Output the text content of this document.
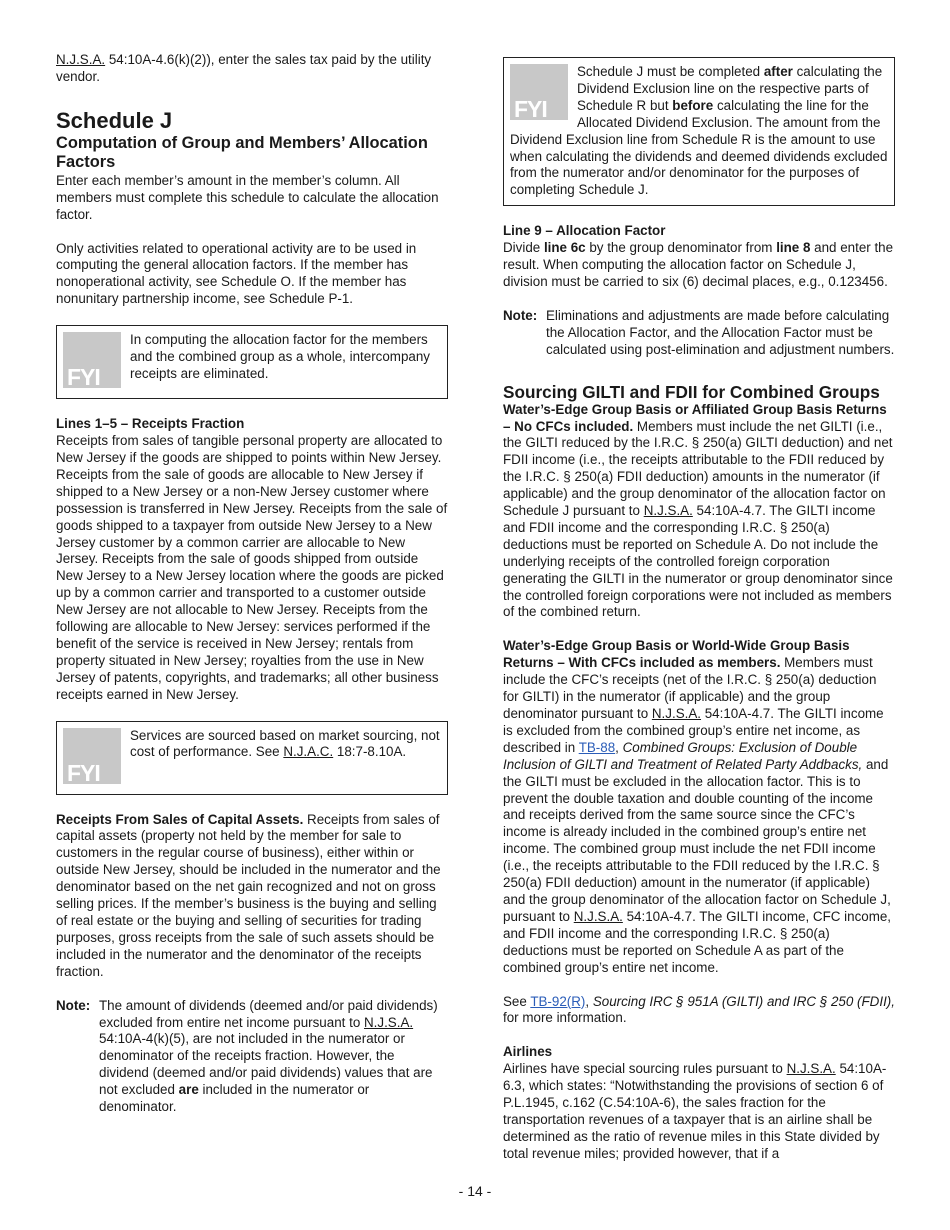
N.J.S.A. 54:10A-4.6(k)(2)), enter the sales tax paid by the utility vendor.

Schedule J
Computation of Group and Members’ Allocation Factors

Enter each member’s amount in the member’s column. All members must complete this schedule to calculate the allocation factor.

Only activities related to operational activity are to be used in computing the general allocation factors. If the member has nonoperational activity, see Schedule O. If the member has nonunitary partnership income, see Schedule P-1.

FYI

In computing the allocation factor for the members and the combined group as a whole, intercompany receipts are eliminated.

Lines 1–5 – Receipts Fraction

Receipts from sales of tangible personal property are allocated to New Jersey if the goods are shipped to points within New Jersey. Receipts from the sale of goods are allocable to New Jersey if shipped to a New Jersey or a non-New Jersey customer where possession is transferred in New Jersey. Receipts from the sale of goods shipped to a taxpayer from outside New Jersey to a New Jersey customer by a common carrier are allocable to New Jersey. Receipts from the sale of goods shipped from outside New Jersey to a New Jersey location where the goods are picked up by a common carrier and transported to a customer outside New Jersey are not allocable to New Jersey. Receipts from the following are allocable to New Jersey: services performed if the benefit of the service is received in New Jersey; rentals from property situated in New Jersey; royalties from the use in New Jersey of patents, copyrights, and trademarks; all other business receipts earned in New Jersey.

FYI

Services are sourced based on market sourcing, not cost of performance. See N.J.A.C. 18:7-8.10A.

Receipts From Sales of Capital Assets. Receipts from sales of capital assets (property not held by the member for sale to customers in the regular course of business), either within or outside New Jersey, should be included in the numerator and the denominator based on the net gain recognized and not on gross selling prices. If the member’s business is the buying and selling of real estate or the buying and selling of securities for trading purposes, gross receipts from the sale of such assets should be included in the numerator and the denominator of the receipts fraction.

Note: The amount of dividends (deemed and/or paid dividends) excluded from entire net income pursuant to N.J.S.A. 54:10A-4(k)(5), are not included in the numerator or denominator of the receipts fraction. However, the dividend (deemed and/or paid dividends) values that are not excluded are included in the numerator or denominator.
FYI

Schedule J must be completed after calculating the Dividend Exclusion line on the respective parts of Schedule R but before calculating the line for the Allocated Dividend Exclusion. The amount from the Dividend Exclusion line from Schedule R is the amount to use when calculating the dividends and deemed dividends excluded from the numerator and/or denominator for the purposes of completing Schedule J.

Line 9 – Allocation Factor

Divide line 6c by the group denominator from line 8 and enter the result. When computing the allocation factor on Schedule J, division must be carried to six (6) decimal places, e.g., 0.123456.

Note: Eliminations and adjustments are made before calculating the Allocation Factor, and the Allocation Factor must be calculated using post-elimination and adjustment numbers.
Sourcing GILTI and FDII for Combined Groups

Water’s-Edge Group Basis or Affiliated Group Basis Returns – No CFCs included. Members must include the net GILTI (i.e., the GILTI reduced by the I.R.C. § 250(a) GILTI deduction) and net FDII income (i.e., the receipts attributable to the FDII reduced by the I.R.C. § 250(a) FDII deduction) amounts in the numerator (if applicable) and the group denominator of the allocation factor on Schedule J pursuant to N.J.S.A. 54:10A-4.7. The GILTI income and FDII income and the corresponding I.R.C. § 250(a) deductions must be reported on Schedule A. Do not include the underlying receipts of the controlled foreign corporation generating the GILTI in the numerator or group denominator since the controlled foreign corporations were not included as members of the combined return.

Water’s-Edge Group Basis or World-Wide Group Basis Returns – With CFCs included as members. Members must include the CFC’s receipts (net of the I.R.C. § 250(a) deduction for GILTI) in the numerator (if applicable) and the group denominator pursuant to N.J.S.A. 54:10A-4.7. The GILTI income is excluded from the combined group’s entire net income, as described in TB-88, Combined Groups: Exclusion of Double Inclusion of GILTI and Treatment of Related Party Addbacks, and the GILTI must be excluded in the allocation factor. This is to prevent the double taxation and double counting of the income and receipts derived from the same source since the CFC’s income is already included in the combined group’s entire net income. The combined group must include the net FDII income (i.e., the receipts attributable to the FDII reduced by the I.R.C. § 250(a) FDII deduction) amount in the numerator (if applicable) and the group denominator of the allocation factor on Schedule J, pursuant to N.J.S.A. 54:10A-4.7. The GILTI income, CFC income, and FDII income and the corresponding I.R.C. § 250(a) deductions must be reported on Schedule A as part of the combined group’s entire net income.

See TB-92(R), Sourcing IRC § 951A (GILTI) and IRC § 250 (FDII), for more information.

Airlines

Airlines have special sourcing rules pursuant to N.J.S.A. 54:10A-6.3, which states: “Notwithstanding the provisions of section 6 of P.L.1945, c.162 (C.54:10A-6), the sales fraction for the transportation revenues of a taxpayer that is an airline shall be determined as the ratio of revenue miles in this State divided by total revenue miles; provided however, that if a

- 14 -
